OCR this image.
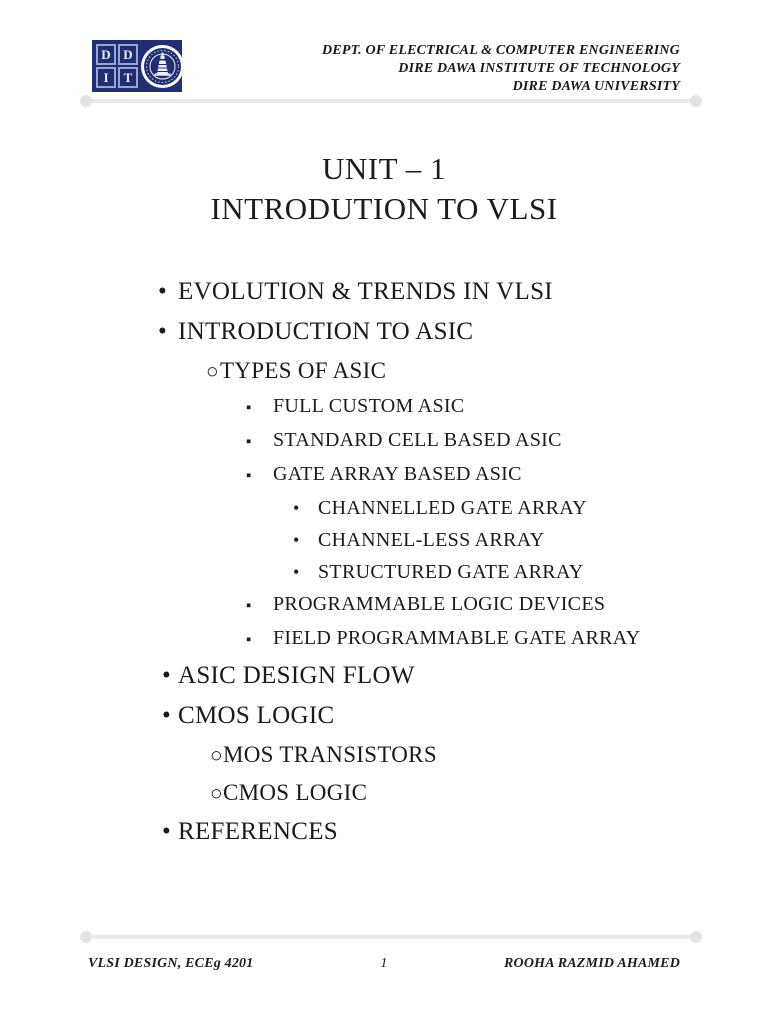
D D
I	T
DEPT. OF ELECTRICAL & COMPUTER ENGINEERING
DIRE DAWA INSTITUTE OF TECHNOLOGY
DIRE DAWA UNIVERSITY
UNIT – 1
INTRODUTION TO VLSI
• EVOLUTION & TRENDS IN VLSI
• INTRODUCTION TO ASIC
○ TYPES OF ASIC
▪	FULL CUSTOM ASIC
▪	STANDARD CELL BASED ASIC
▪	GATE ARRAY BASED ASIC
• CHANNELLED GATE ARRAY
• CHANNEL-LESS ARRAY
• STRUCTURED GATE ARRAY
▪	PROGRAMMABLE LOGIC DEVICES
▪	FIELD PROGRAMMABLE GATE ARRAY
• ASIC DESIGN FLOW
• CMOS LOGIC
○ MOS TRANSISTORS
○ CMOS LOGIC
• REFERENCES
VLSI DESIGN, ECEg 4201	1	ROOHA RAZMID AHAMED
